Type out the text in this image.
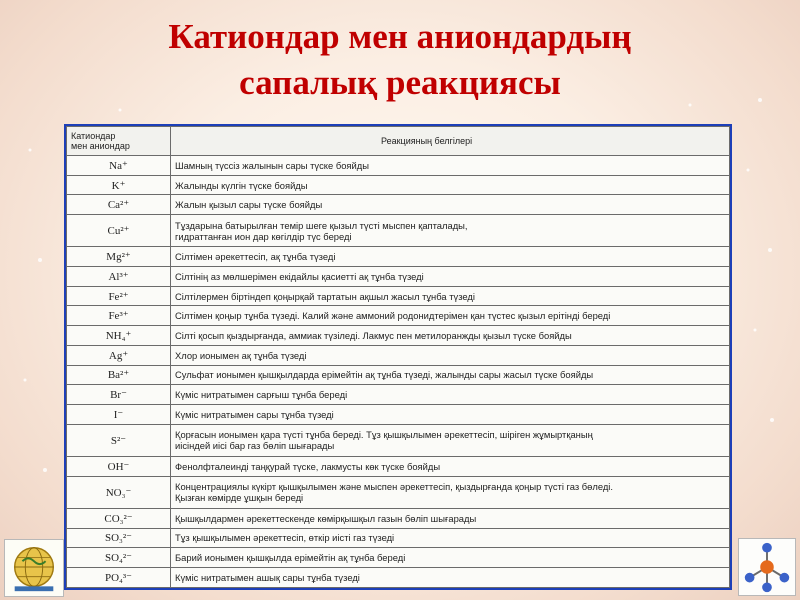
Катиондар мен аниондардың
сапалық реакциясы
Катиондар
мен аниондар	Реакцияның белгілері
Na⁺	Шамның түссіз жалынын сары түске бояйды

K⁺	Жалынды күлгін түске бояйды

Ca²⁺	Жалын қызыл сары түске бояйды

Cu²⁺	Тұздарына батырылған темір шеге қызыл түсті мыспен қапталады,
гидраттанған ион дар көгілдір түс береді

Mg²⁺	Сілтімен әрекеттесіп, ақ тұнба түзеді

Al³⁺	Сілтінің аз мөлшерімен екідайлы қасиетті ақ тұнба түзеді

Fe²⁺	Сілтілермен біртіндеп қоңырқай тартатын ақшыл жасыл тұнба түзеді

Fe³⁺	Сілтімен қоңыр тұнба түзеді. Калий және аммоний родонидтерімен қан түстес қызыл ерітінді береді

NH₄⁺	Сілті қосып қыздырғанда, аммиак түзіледі. Лакмус пен метилоранжды қызыл түске бояйды

Ag⁺	Хлор ионымен ақ тұнба түзеді

Ba²⁺	Сульфат ионымен қышқылдарда ерімейтін ақ тұнба түзеді, жалынды сары жасыл түске бояйды

Br⁻	Күміс нитратымен сарғыш тұнба береді

I⁻	Күміс нитратымен сары тұнба түзеді

S²⁻	Қорғасын ионымен қара түсті тұнба береді. Тұз қышқылымен әрекеттесіп, шіріген жұмыртқаның
иісіндей иісі бар газ бөліп шығарады

OH⁻	Фенолфталеинді таңқурай түске, лакмусты көк түске бояйды

NO₃⁻	Концентрациялы күкірт қышқылымен және мыспен әрекеттесіп, қыздырғанда қоңыр түсті газ бөледі.
Қызған көмірде ұшқын береді

CO₃²⁻	Қышқылдармен әрекеттескенде көмірқышқыл газын бөліп шығарады

SO₃²⁻	Тұз қышқылымен әрекеттесіп, өткір иісті газ түзеді

SO₄²⁻	Барий ионымен қышқылда ерімейтін ақ тұнба береді

PO₄³⁻	Күміс нитратымен ашық сары тұнба түзеді
